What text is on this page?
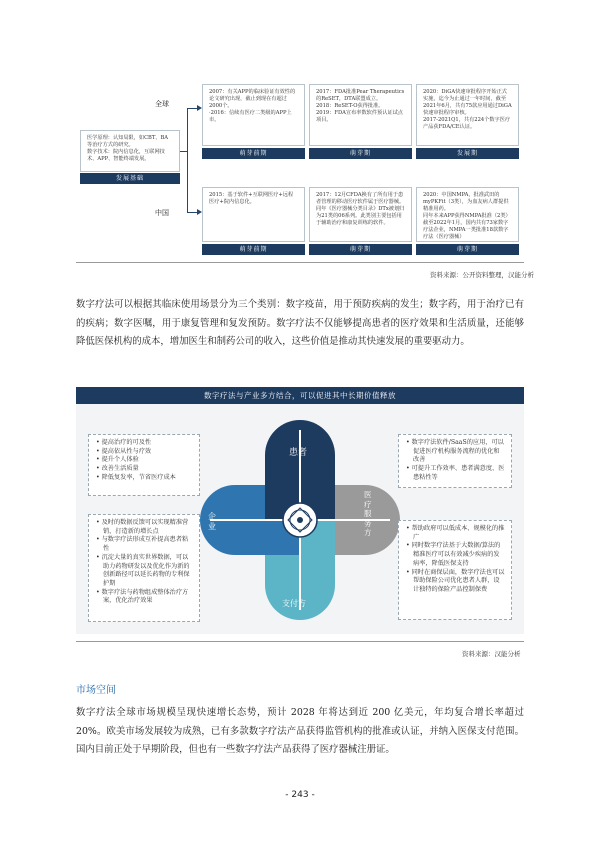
医学原理：认知局限，如CBT、BA等治疗方式的研究。
数字技术：院内信息化，互联网技术、APP、智能终端发展。
发展基础
全球
中国
2007：有关APP的临床验证有效性的论文研究出现，截止到现在有超过2000个。
·2016：信续有医疗二类级的APP上市。
萌芽前期
2017：FDA批准Pear Therapeutics的ReSET，DTA联盟成立。
2018：ReSET-O获得批准。
2019：FDA宣布率数软件预认证试点项目。
萌芽期
2020：DiGA快速审批程序开始正式实施，迄今为止通过一年时间，截至2021年6月，共有75款应用通过DiGA快速审批程序审核。
2017-2021Q1，共有224个数字医疗产品获FDA/CE认证。
发展期
2015：基于软件+互联网医疗+远程医疗+院内信息化。
萌芽前期
2017：12月CFDA换有了所有用于患者管理的移动医疗软件属于医疗器械。
同年《医疗器械分类目录》DTx被划归为21类的06系列。此类别主要包括用于辅助治疗和康复训练的软件。
萌芽期
2020：中国NMPA，批准武田的myPKFit（3类），为血友病人群提供精准用药。
同年本来APP获得NMPA批准（2类）
截至2022年1月，国内共有73家数字疗法企业，NMPA一类批准18款数字疗法（医疗器械）
萌芽期
资料来源：公开资料整理，汉能分析
数字疗法可以根据其临床使用场景分为三个类别：数字疫苗，用于预防疾病的发生；数字药，用于治疗已有的疾病；数字医嘱，用于康复管理和复发预防。数字疗法不仅能够提高患者的医疗效果和生活质量，还能够降低医保机构的成本，增加医生和制药公司的收入，这些价值是推动其快速发展的重要驱动力。
数字疗法与产业多方结合，可以促进其中长期价值释放
患者
企业
医疗服务方
支付方
• 提高治疗的可及性
• 提高依从性与疗效
• 提升个人体验
• 改善生活质量
• 降低复发率，节省医疗成本
• 及时的数据反馈可以实现精准营销，打造新的增长点
• 与数字疗法形成互补提高患者粘性
• 沉淀大量的真实世界数据，可以助力药物研发以及优化作为新的创新路径可以延长药物的专利保护期
• 数字疗法与药物组成整体治疗方案，优化治疗效果
• 数字疗法软件/SaaS的应用，可以促进医疗机构服务流程的优化和改善
• 可提升工作效率、患者满意度、医患粘性等
• 帮助政府可以低成本、规模化的推广
• 同时数字疗法基于大数据/算法的精准医疗可以有效减少疾病的发病率，降低医保支持
• 同时在商保层面，数字疗法也可以帮助保险公司优化患者人群，设计独特的保险产品控制保费
资料来源：汉能分析
市场空间
数字疗法全球市场规模呈现快速增长态势，预计 2028 年将达到近 200 亿美元，年均复合增长率超过 20%。欧美市场发展较为成熟，已有多款数字疗法产品获得监管机构的批准或认证，并纳入医保支付范围。国内目前正处于早期阶段，但也有一些数字疗法产品获得了医疗器械注册证。
- 243 -
